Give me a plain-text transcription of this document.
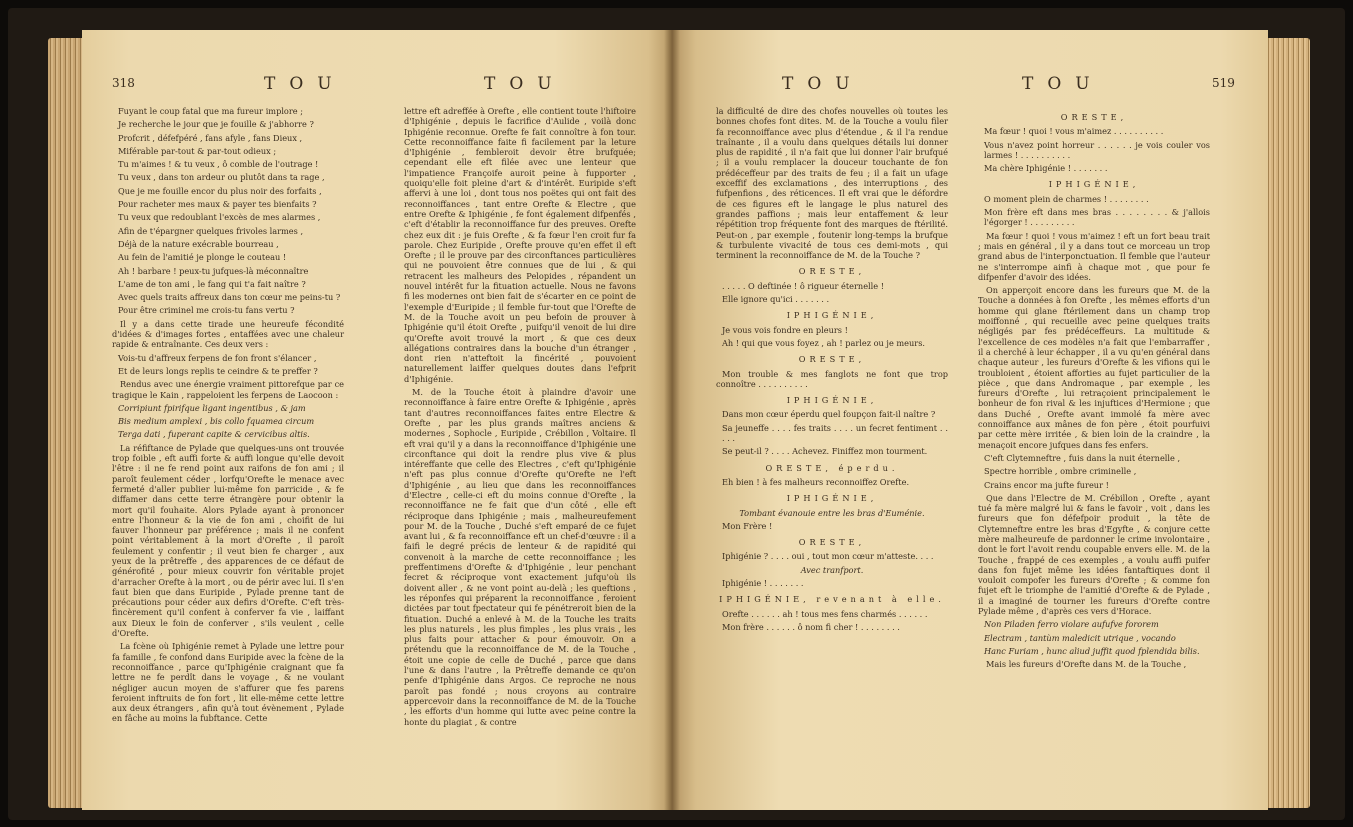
318	TOU	TOU

Fuyant le coup fatal que ma fureur implore ;

Je recherche le jour que je fouille & j'abhorre ?

Profcrit , défefpéré , fans afyle , fans Dieux ,

Miférable par-tout & par-tout odieux ;

Tu m'aimes ! & tu veux , ô comble de l'outrage !

Tu veux , dans ton ardeur ou plutôt dans ta rage ,

Que je me fouille encor du plus noir des forfaits ,

Pour racheter mes maux & payer tes bienfaits ?

Tu veux que redoublant l'excès de mes alarmes ,

Afin de t'épargner quelques frivoles larmes ,

Déjà de la nature exécrable bourreau ,

Au fein de l'amitié je plonge le couteau !

Ah ! barbare ! peux-tu jufques-là méconnaître

L'ame de ton ami , le fang qui t'a fait naître ?

Avec quels traits affreux dans ton cœur me peins-tu ?

Pour être criminel me crois-tu fans vertu ?

Il y a dans cette tirade une heureufe fécondité d'idées & d'images fortes , entaffées avec une chaleur rapide & entraînante. Ces deux vers :

Vois-tu d'affreux ferpens de fon front s'élancer ,

Et de leurs longs replis te ceindre & te preffer ?

Rendus avec une énergie vraiment pittorefque par ce tragique le Kain , rappeloient les ferpens de Laocoon :

Corripiunt fpirifque ligant ingentibus , & jam

Bis medium amplexi , bis collo fquamea circum

Terga dati , fuperant capite & cervicibus altis.

La réfiftance de Pylade que quelques-uns ont trouvée trop foible , eft auffi forte & auffi longue qu'elle devoit l'être : il ne fe rend point aux raifons de fon ami ; il paroît feulement céder , lorfqu'Orefte le menace avec fermeté d'aller publier lui-même fon parricide , & fe diffamer dans cette terre étrangère pour obtenir la mort qu'il fouhaite. Alors Pylade ayant à prononcer entre l'honneur & la vie de fon ami , choifit de lui fauver l'honneur par préférence ; mais il ne confent point véritablement à la mort d'Orefte , il paroît feulement y confentir ; il veut bien fe charger , aux yeux de la prêtreffe , des apparences de ce défaut de générofité , pour mieux couvrir fon véritable projet d'arracher Orefte à la mort , ou de périr avec lui. Il s'en faut bien que dans Euripide , Pylade prenne tant de précautions pour céder aux defirs d'Orefte. C'eft très-fincèrement qu'il confent à conferver fa vie , laiffant aux Dieux le foin de conferver , s'ils veulent , celle d'Orefte.

La fcène où Iphigénie remet à Pylade une lettre pour fa famille , fe confond dans Euripide avec la fcène de la reconnoiffance , parce qu'Iphigénie craignant que fa lettre ne fe perdît dans le voyage , & ne voulant négliger aucun moyen de s'affurer que fes parens feroient inftruits de fon fort , lit elle-même cette lettre aux deux étrangers , afin qu'à tout évènement , Pylade en fâche au moins la fubftance. Cette

lettre eft adreffée à Orefte , elle contient toute l'hiftoire d'Iphigénie , depuis le facrifice d'Aulide , voilà donc Iphigénie reconnue. Orefte fe fait connoître à fon tour. Cette reconnoiffance faite fi facilement par la leture d'Iphigénie , fembleroit devoir être brufquée; cependant elle eft filée avec une lenteur que l'impatience Françoife auroit peine à fupporter , quoiqu'elle foit pleine d'art & d'intérêt. Euripide s'eft affervi à une loi , dont tous nos poëtes qui ont fait des reconnoiffances , tant entre Orefte & Electre , que entre Orefte & Iphigénie , fe font également difpenfés , c'eft d'établir la reconnoiffance fur des preuves. Orefte chez eux dit : je fuis Orefte , & fa fœur l'en croit fur fa parole. Chez Euripide , Orefte prouve qu'en effet il eft Orefte ; il le prouve par des circonftances particulières qui ne pouvoient être connues que de lui , & qui retracent les malheurs des Pelopides , répandent un nouvel intérêt fur la fituation actuelle. Nous ne favons fi les modernes ont bien fait de s'écarter en ce point de l'exemple d'Euripide ; il femble fur-tout que l'Orefte de M. de la Touche avoit un peu befoin de prouver à Iphigénie qu'il étoit Orefte , puifqu'il venoit de lui dire qu'Orefte avoit trouvé la mort , & que ces deux allégations contraires dans la bouche d'un étranger , dont rien n'atteftoit la fincérité , pouvoient naturellement laiffer quelques doutes dans l'efprit d'Iphigénie.

M. de la Touche étoit à plaindre d'avoir une reconnoiffance à faire entre Orefte & Iphigénie , après tant d'autres reconnoiffances faites entre Electre & Orefte , par les plus grands maîtres anciens & modernes , Sophocle , Euripide , Crébillon , Voltaire. Il eft vrai qu'il y a dans la reconnoiffance d'Iphigénie une circonftance qui doit la rendre plus vive & plus intéreffante que celle des Electres , c'eft qu'Iphigénie n'eft pas plus connue d'Orefte qu'Orefte ne l'eft d'Iphigénie , au lieu que dans les reconnoiffances d'Electre , celle-ci eft du moins connue d'Orefte , la reconnoiffance ne fe fait que d'un côté , elle eft réciproque dans Iphigénie ; mais , malheureufement pour M. de la Touche , Duché s'eft emparé de ce fujet avant lui , & fa reconnoiffance eft un chef-d'œuvre : il a faifi le degré précis de lenteur & de rapidité qui convenoit à la marche de cette reconnoiffance ; les preffentimens d'Orefte & d'Iphigénie , leur penchant fecret & réciproque vont exactement jufqu'où ils doivent aller , & ne vont point au-delà ; les queftions , les réponfes qui préparent la reconnoiffance , feroient dictées par tout fpectateur qui fe pénétreroit bien de la fituation. Duché a enlevé à M. de la Touche les traits les plus naturels , les plus fimples , les plus vrais , les plus faits pour attacher & pour émouvoir. On a prétendu que la reconnoiffance de M. de la Touche , étoit une copie de celle de Duché , parce que dans l'une & dans l'autre , la Prêtreffe demande ce qu'on penfe d'Iphigénie dans Argos. Ce reproche ne nous paroît pas fondé ; nous croyons au contraire appercevoir dans la reconnoiffance de M. de la Touche , les efforts d'un homme qui lutte avec peine contre la honte du plagiat , & contre

TOU	TOU	519

la difficulté de dire des chofes nouvelles où toutes les bonnes chofes font dites. M. de la Touche a voulu filer fa reconnoiffance avec plus d'étendue , & il l'a rendue traînante , il a voulu dans quelques détails lui donner plus de rapidité , il n'a fait que lui donner l'air brufqué ; il a voulu remplacer la douceur touchante de fon prédéceffeur par des traits de feu ; il a fait un ufage exceffif des exclamations , des interruptions , des fufpenfions , des réticences. Il eft vrai que le défordre de ces figures eft le langage le plus naturel des grandes paffions ; mais leur entaffement & leur répétition trop fréquente font des marques de ftérilité. Peut-on , par exemple , foutenir long-temps la brufque & turbulente vivacité de tous ces demi-mots , qui terminent la reconnoiffance de M. de la Touche ?

ORESTE,

. . . . . O deftinée ! ô rigueur éternelle !

Elle ignore qu'ici . . . . . . .

IPHIGÉNIE,

Je vous vois fondre en pleurs !

Ah ! qui que vous foyez , ah ! parlez ou je meurs.

ORESTE,

Mon trouble & mes fanglots ne font que trop connoître . . . . . . . . . .

IPHIGÉNIE,

Dans mon cœur éperdu quel foupçon fait-il naître ?

Sa jeuneffe . . . . fes traits . . . . un fecret fentiment . . . . .

Se peut-il ? . . . . Achevez. Finiffez mon tourment.

ORESTE, éperdu.

Eh bien ! à fes malheurs reconnoiffez Orefte.

IPHIGÉNIE,

Tombant évanouie entre les bras d'Euménie.

Mon Frère !

ORESTE,

Iphigénie ? . . . . oui , tout mon cœur m'atteste. . . .

Avec tranfport.

Iphigénie ! . . . . . . .

IPHIGÉNIE, revenant à elle.

Orefte . . . . . . ah ! tous mes fens charmés . . . . . .

Mon frère . . . . . . ô nom fi cher ! . . . . . . . .

ORESTE,

Ma fœur ! quoi ! vous m'aimez . . . . . . . . . .

Vous n'avez point horreur . . . . . . je vois couler vos larmes ! . . . . . . . . . .

Ma chère Iphigénie ! . . . . . . .

IPHIGÉNIE,

O moment plein de charmes ! . . . . . . . .

Mon frère eft dans mes bras . . . . . . . . & j'allois l'égorger ! . . . . . . . . .

Ma fœur ! quoi ! vous m'aimez ! eft un fort beau trait ; mais en général , il y a dans tout ce morceau un trop grand abus de l'interponctuation. Il femble que l'auteur ne s'interrompe ainfi à chaque mot , que pour fe difpenfer d'avoir des idées.

On apperçoit encore dans les fureurs que M. de la Touche a données à fon Orefte , les mêmes efforts d'un homme qui glane ftérilement dans un champ trop moiffonné , qui recueille avec peine quelques traits négligés par fes prédéceffeurs. La multitude & l'excellence de ces modèles n'a fait que l'embarraffer , il a cherché à leur échapper , il a vu qu'en général dans chaque auteur , les fureurs d'Orefte & les vifions qui le troubloient , étoient afforties au fujet particulier de la pièce , que dans Andromaque , par exemple , les fureurs d'Orefte , lui retraçoient principalement le bonheur de fon rival & les injuftices d'Hermione ; que dans Duché , Orefte avant immolé fa mère avec connoiffance aux mânes de fon père , étoit pourfuivi par cette mère irritée , & bien loin de la craindre , la menaçoit encore jufques dans fes enfers.

C'eft Clytemneftre , fuis dans la nuit éternelle ,

Spectre horrible , ombre criminelle ,

Crains encor ma jufte fureur !

Que dans l'Electre de M. Crébillon , Orefte , ayant tué fa mère malgré lui & fans le favoir , voit , dans les fureurs que fon défefpoir produit , la tête de Clytemneftre entre les bras d'Egyfte , & conjure cette mère malheureufe de pardonner le crime involontaire , dont le fort l'avoit rendu coupable envers elle. M. de la Touche , frappé de ces exemples , a voulu auffi puifer dans fon fujet même les idées fantaftiques dont il vouloit compofer les fureurs d'Orefte ; & comme fon fujet eft le triomphe de l'amitié d'Orefte & de Pylade , il a imaginé de tourner les fureurs d'Orefte contre Pylade même , d'après ces vers d'Horace.

Non Piladen ferro violare aufufve fororem

Electram , tantùm maledicit utrique , vocando

Hanc Furiam , hunc aliud juffit quod fplendida bilis.

Mais les fureurs d'Orefte dans M. de la Touche ,
